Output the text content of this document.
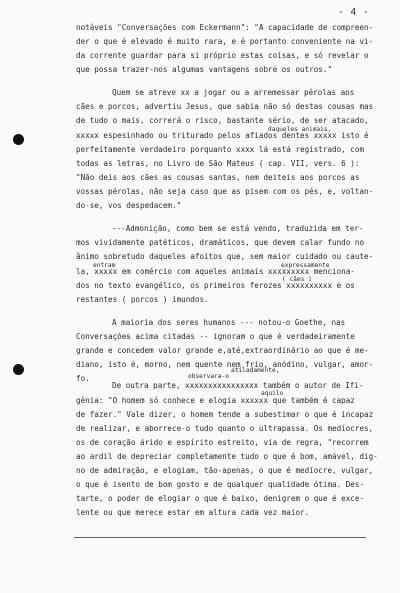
- 4 -
notáveis "Conversações com Eckermann": "A capacidade de compreen-
der o que é elevado é muito rara, e é portanto conveniente na vi-
da corrente guardar para si próprio estas coisas, e só revelar o
que possa trazer-nos algumas vantagens sobre os outros."
Quem se atreve xx a jogar ou a arremessar pérolas aos
cães e porcos, advertiu Jesus, que sabia não só destas cousas mas
de tudo o mais, correrá o risco, bastante sério, de ser atacado,
daqueles animais,
xxxxx espesinhado ou triturado pelos afiados dentes xxxxx isto é
perfeitamente verdadeiro porquanto xxxx lá está registrado, com
todas as letras, no Livro de São Mateus ( cap. VII, vers. 6 ):
"Não deis aos cães as cousas santas, nem deiteis aos porcos as
vossas pérolas, não seja caso que as pisem com os pés, e, voltan-
do-se, vos despedacem."
---Admonição, como bem se está vendo, traduzida em ter-
mos vividamente patéticos, dramáticos, que devem calar fundo no
ânimo sobretudo daqueles afoitos que, sem maior cuidado ou caute-
entram	expressamente
la, xxxxx em comércio com aqueles animais xxxxxxxxx menciona-
( cães )
dos no texto evangélico, os primeiros ferozes xxxxxxxxxx e os
restantes ( porcos ) imundos.
A maioria dos seres humanos --- notou-o Goethe, nas
Conversações acima citadas -- ignoram o que é verdadeiramente
grande e concedem valor grande e,até,extraordinário ao que é me-
diano, isto é, morno, nem quente nem frio, anódino, vulgar, amor-
fo.
atiladamente,
observara-o
De outra parte, xxxxxxxxxxxxxxxx também o autor de Ifi-
aquilo
gênia: "O homem só conhece e elogia xxxxxx que também é capaz
de fazer." Vale dizer, o homem tende a subestimar o que é incapaz
de realizar, e aborrece-o tudo quanto o ultrapassa. Os medíocres,
os de coração árido e espírito estreito, via de regra, "recorrem
ao ardil de depreciar completamente tudo o que é bom, amável, dig-
no de admiração, e elogiam, tão-apenas, o que é medíocre, vulgar,
o que é isento de bom gosto e de qualquer qualidade ótima. Des-
tarte, o poder de elogiar o que é baixo, denigrem o que é exce-
lente ou que merece estar em altura cada vez maior.
